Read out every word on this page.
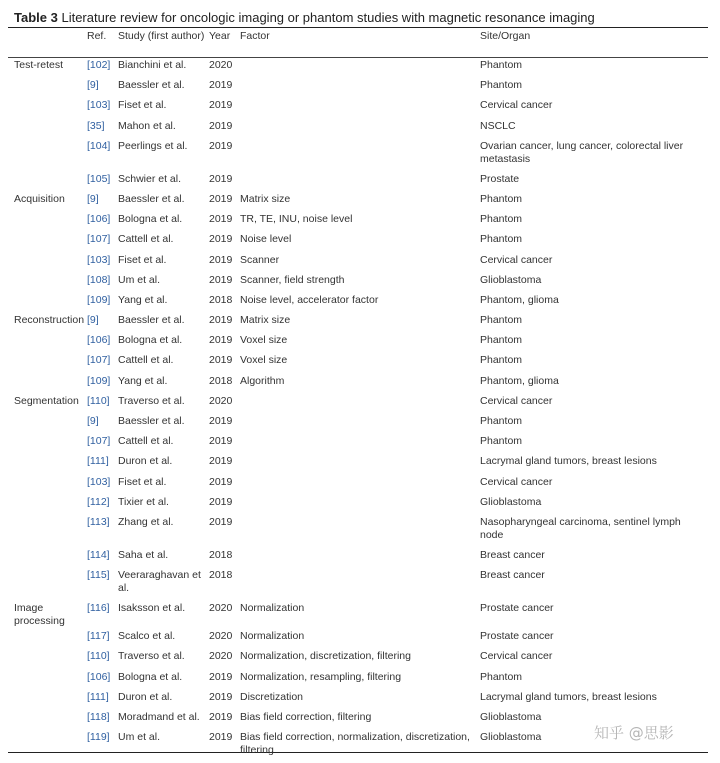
Table 3 Literature review for oncologic imaging or phantom studies with magnetic resonance imaging
	Ref.	Study (first author)	Year	Factor	Site/Organ
Test-retest	[102]	Bianchini et al.	2020		Phantom
	[9]	Baessler et al.	2019		Phantom
	[103]	Fiset et al.	2019		Cervical cancer
	[35]	Mahon et al.	2019		NSCLC
	[104]	Peerlings et al.	2019		Ovarian cancer, lung cancer, colorectal liver metastasis
	[105]	Schwier et al.	2019		Prostate
Acquisition	[9]	Baessler et al.	2019	Matrix size	Phantom
	[106]	Bologna et al.	2019	TR, TE, INU, noise level	Phantom
	[107]	Cattell et al.	2019	Noise level	Phantom
	[103]	Fiset et al.	2019	Scanner	Cervical cancer
	[108]	Um et al.	2019	Scanner, field strength	Glioblastoma
	[109]	Yang et al.	2018	Noise level, accelerator factor	Phantom, glioma
Reconstruction	[9]	Baessler et al.	2019	Matrix size	Phantom
	[106]	Bologna et al.	2019	Voxel size	Phantom
	[107]	Cattell et al.	2019	Voxel size	Phantom
	[109]	Yang et al.	2018	Algorithm	Phantom, glioma
Segmentation	[110]	Traverso et al.	2020		Cervical cancer
	[9]	Baessler et al.	2019		Phantom
	[107]	Cattell et al.	2019		Phantom
	[111]	Duron et al.	2019		Lacrymal gland tumors, breast lesions
	[103]	Fiset et al.	2019		Cervical cancer
	[112]	Tixier et al.	2019		Glioblastoma
	[113]	Zhang et al.	2019		Nasopharyngeal carcinoma, sentinel lymph node
	[114]	Saha et al.	2018		Breast cancer
	[115]	Veeraraghavan et al.	2018		Breast cancer
Image processing	[116]	Isaksson et al.	2020	Normalization	Prostate cancer
	[117]	Scalco et al.	2020	Normalization	Prostate cancer
	[110]	Traverso et al.	2020	Normalization, discretization, filtering	Cervical cancer
	[106]	Bologna et al.	2019	Normalization, resampling, filtering	Phantom
	[111]	Duron et al.	2019	Discretization	Lacrymal gland tumors, breast lesions
	[118]	Moradmand et al.	2019	Bias field correction, filtering	Glioblastoma
	[119]	Um et al.	2019	Bias field correction, normalization, discretization, filtering	Glioblastoma	知乎 @思影
